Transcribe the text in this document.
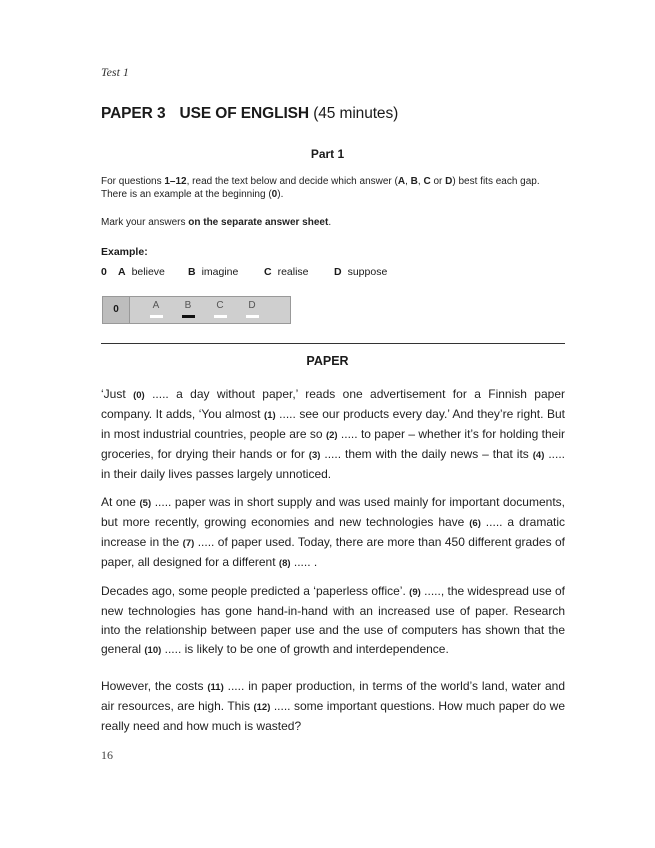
Test 1
PAPER 3 USE OF ENGLISH (45 minutes)
Part 1
For questions 1–12, read the text below and decide which answer (A, B, C or D) best fits each gap.
There is an example at the beginning (0).
Mark your answers on the separate answer sheet.
Example:
0 A believe B imagine C realise D suppose
0	A	B	C	D
PAPER
‘Just (0) ..... a day without paper,’ reads one advertisement for a Finnish paper company. It adds, ‘You almost (1) ..... see our products every day.’ And they’re right. But in most industrial countries, people are so (2) ..... to paper – whether it’s for holding their groceries, for drying their hands or for (3) ..... them with the daily news – that its (4) ..... in their daily lives passes largely unnoticed.
At one (5) ..... paper was in short supply and was used mainly for important documents, but more recently, growing economies and new technologies have (6) ..... a dramatic increase in the (7) ..... of paper used. Today, there are more than 450 different grades of paper, all designed for a different (8) ..... .
Decades ago, some people predicted a ‘paperless office’. (9) ....., the widespread use of new technologies has gone hand-in-hand with an increased use of paper. Research into the relationship between paper use and the use of computers has shown that the general (10) ..... is likely to be one of growth and interdependence.
However, the costs (11) ..... in paper production, in terms of the world’s land, water and air resources, are high. This (12) ..... some important questions. How much paper do we really need and how much is wasted?
16
